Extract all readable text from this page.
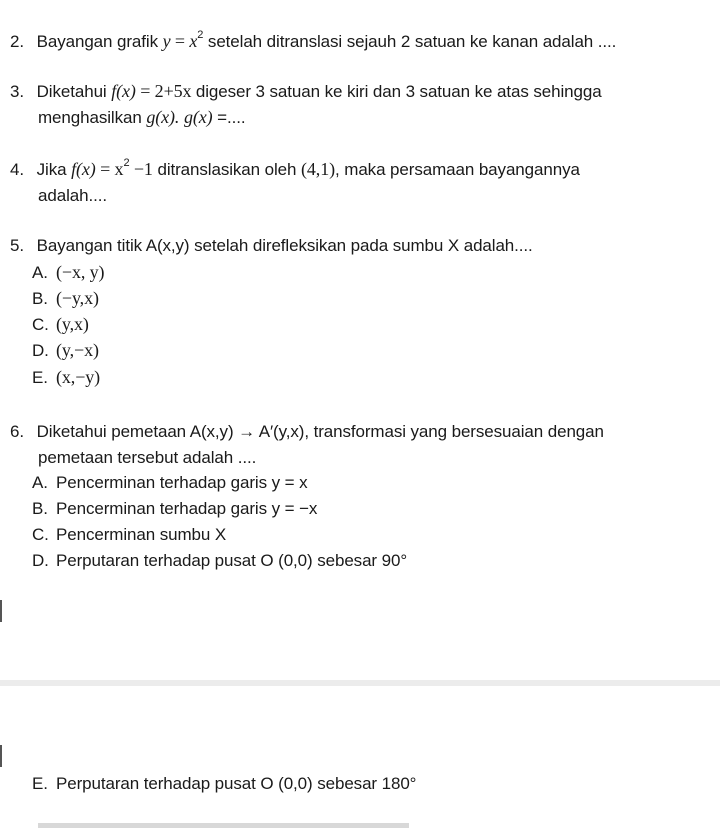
2. Bayangan grafik $y = x^2$ setelah ditranslasi sejauh 2 satuan ke kanan adalah ....
3. Diketahui f(x) = 2+5x digeser 3 satuan ke kiri dan 3 satuan ke atas sehingga
menghasilkan g(x). g(x) =....
4. Jika $f(x) = x^2 -1$ ditranslasikan oleh (4,1), maka persamaan bayangannya
adalah....
5. Bayangan titik A(x,y) setelah direfleksikan pada sumbu X adalah....
A. (−x, y)
B. (−y,x)
C. (y,x)
D. (y,−x)
E. (x,−y)
6. Diketahui pemetaan A(x,y) → A′(y,x), transformasi yang bersesuaian dengan
pemetaan tersebut adalah ....
A. Pencerminan terhadap garis y = x
B. Pencerminan terhadap garis y = −x
C. Pencerminan sumbu X
D. Perputaran terhadap pusat O (0,0) sebesar 90°
E. Perputaran terhadap pusat O (0,0) sebesar 180°
